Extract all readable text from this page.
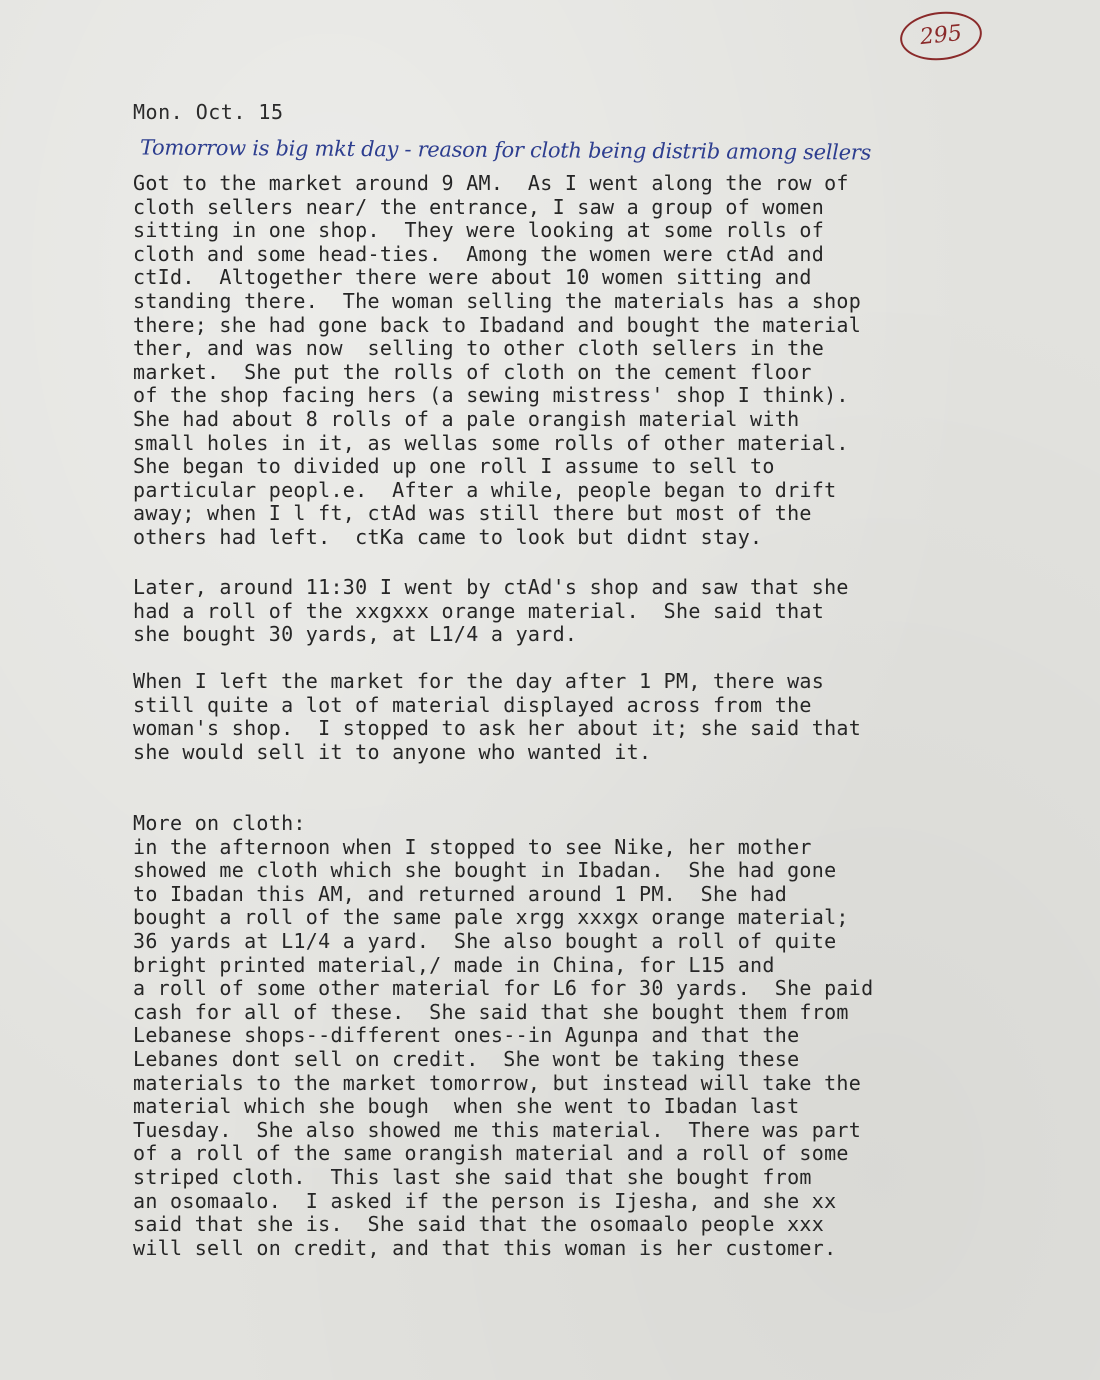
295
Mon. Oct. 15
Tomorrow is big mkt day - reason for cloth being distrib among sellers

Got to the market around 9 AM.  As I went along the row of
cloth sellers near/ the entrance, I saw a group of women
sitting in one shop.  They were looking at some rolls of
cloth and some head-ties.  Among the women were ctAd and
ctId.  Altogether there were about 10 women sitting and
standing there.  The woman selling the materials has a shop
there; she had gone back to Ibadand and bought the material
ther, and was now  selling to other cloth sellers in the
market.  She put the rolls of cloth on the cement floor
of the shop facing hers (a sewing mistress' shop I think).
She had about 8 rolls of a pale orangish material with
small holes in it, as wellas some rolls of other material.
She began to divided up one roll I assume to sell to
particular peopl.e.  After a while, people began to drift
away; when I l ft, ctAd was still there but most of the
others had left.  ctKa came to look but didnt stay.

Later, around 11:30 I went by ctAd's shop and saw that she
had a roll of the xxgxxx orange material.  She said that
she bought 30 yards, at L1/4 a yard.

When I left the market for the day after 1 PM, there was
still quite a lot of material displayed across from the
woman's shop.  I stopped to ask her about it; she said that
she would sell it to anyone who wanted it.

More on cloth:
in the afternoon when I stopped to see Nike, her mother
showed me cloth which she bought in Ibadan.  She had gone
to Ibadan this AM, and returned around 1 PM.  She had
bought a roll of the same pale xrgg xxxgx orange material;
36 yards at L1/4 a yard.  She also bought a roll of quite
bright printed material,/ made in China, for L15 and
a roll of some other material for L6 for 30 yards.  She paid
cash for all of these.  She said that she bought them from
Lebanese shops--different ones--in Agunpa and that the
Lebanes dont sell on credit.  She wont be taking these
materials to the market tomorrow, but instead will take the
material which she bough  when she went to Ibadan last
Tuesday.  She also showed me this material.  There was part
of a roll of the same orangish material and a roll of some
striped cloth.  This last she said that she bought from
an osomaalo.  I asked if the person is Ijesha, and she xx
said that she is.  She said that the osomaalo people xxx
will sell on credit, and that this woman is her customer.
